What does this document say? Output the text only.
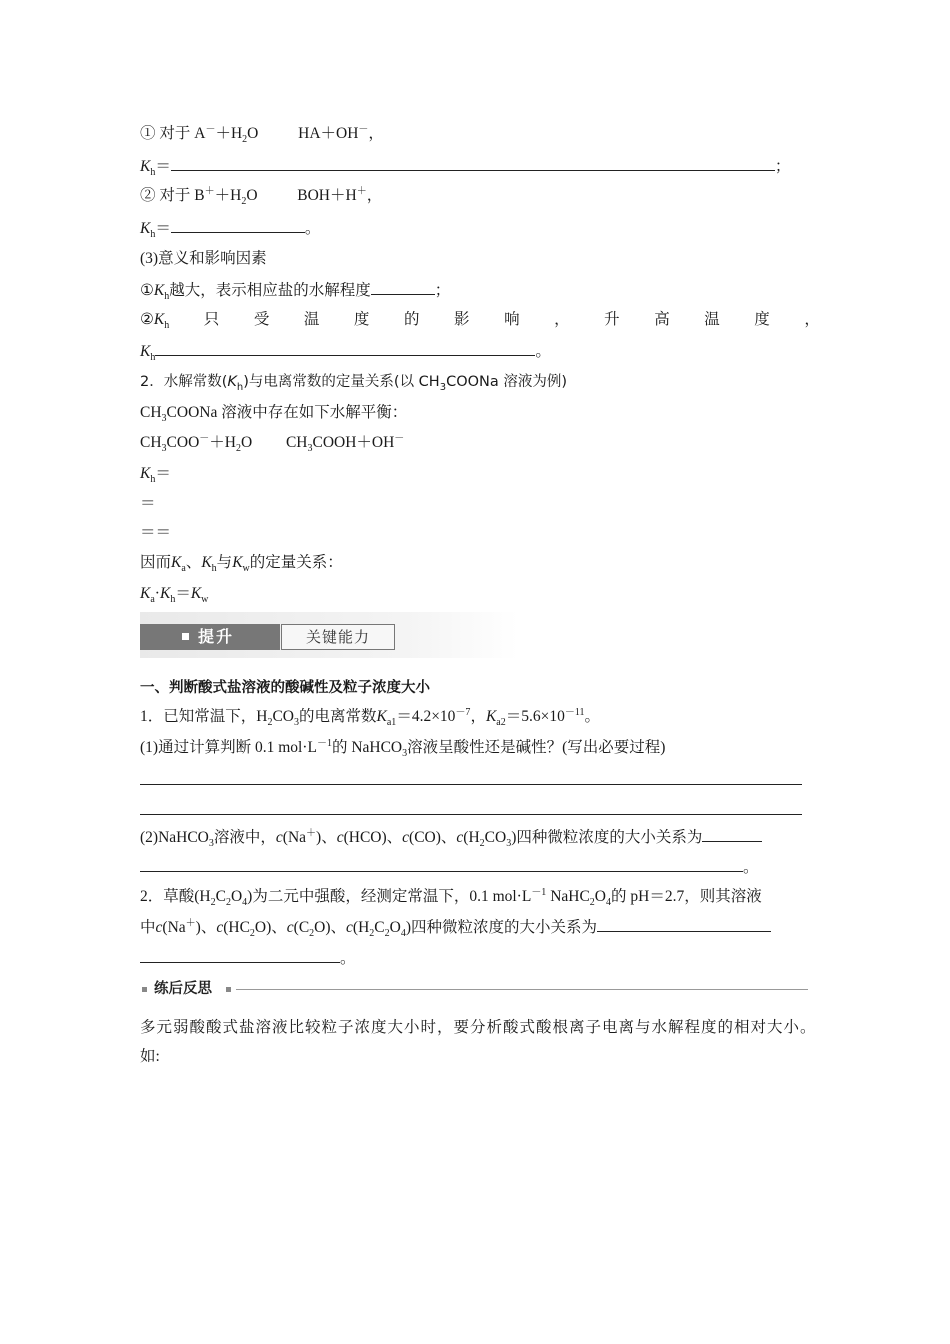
① 对于 $A^-+H_2O$	HA＋OH－，
$K_h=$	；
② 对于 $B^++H_2O$	BOH＋H＋，
$K_h=$	。
(3)意义和影响因素
$①K_h$越大，表示相应盐的水解程度	；
$②K_h$ 只 受 温 度 的 影 响 ， 升 高 温 度 ，
$K_h$	。
2．水解常数$(K_h)$与电离常数的定量关系(以 $CH_3COONa$ 溶液为例)
$CH_3COONa$ 溶液中存在如下水解平衡：
$CH_3COO^-+H_2O$ $CH_3COOH+OH^-$
$K_h=$
＝
＝＝
因而$K_a$、$K_h$与$K_w$的定量关系：
$K_a\cdot K_h=K_w$
提升	关键能力
一、判断酸式盐溶液的酸碱性及粒子浓度大小
1．已知常温下，$H_2CO_3$的电离常数$K_{a1}=4.2\times 10^{-7}$，$K_{a2}=5.6\times 10^{-11}$。
(1)通过计算判断 0.1 $mol\cdot L^{-1}$的 NaHCO$_3$溶液呈酸性还是碱性？(写出必要过程)
(2)NaHCO$_3$溶液中，c(Na＋)、c(HCO)、c(CO)、$c(H_2CO_3)$四种微粒浓度的大小关系为
。
2．草酸$(H_2C_2O_4)$为二元中强酸，经测定常温下，0.1 $mol\cdot L^{-1}$ $NaHC_2O_4$的 pH＝2.7，则其溶液
中c(Na＋)、$c(HC_2O)$、$c(C_2O)$、$c(H_2C_2O_4)$四种微粒浓度的大小关系为
。
练后反思
多元弱酸酸式盐溶液比较粒子浓度大小时，要分析酸式酸根离子电离与水解程度的相对大小。
如:
